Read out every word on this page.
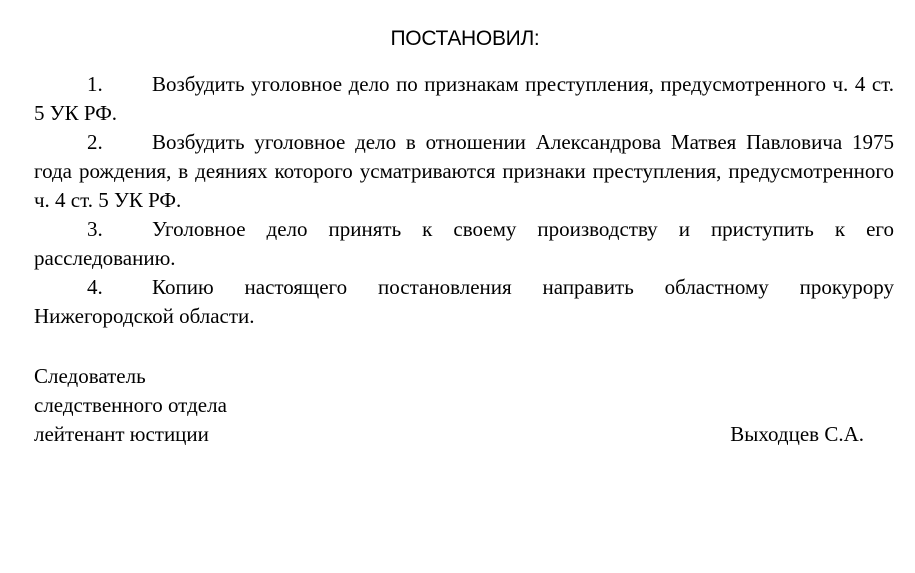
ПОСТАНОВИЛ:

1. Возбудить уголовное дело по признакам преступления, предусмотренного ч. 4 ст. 5 УК РФ.

2. Возбудить уголовное дело в отношении Александрова Матвея Павловича 1975 года рождения, в деяниях которого усматриваются признаки преступления, предусмотренного ч. 4 ст. 5 УК РФ.

3. Уголовное дело принять к своему производству и приступить к его расследованию.

4. Копию настоящего постановления направить областному прокурору Нижегородской области.

Следователь
следственного отдела
лейтенант юстиции	Выходцев С.А.
